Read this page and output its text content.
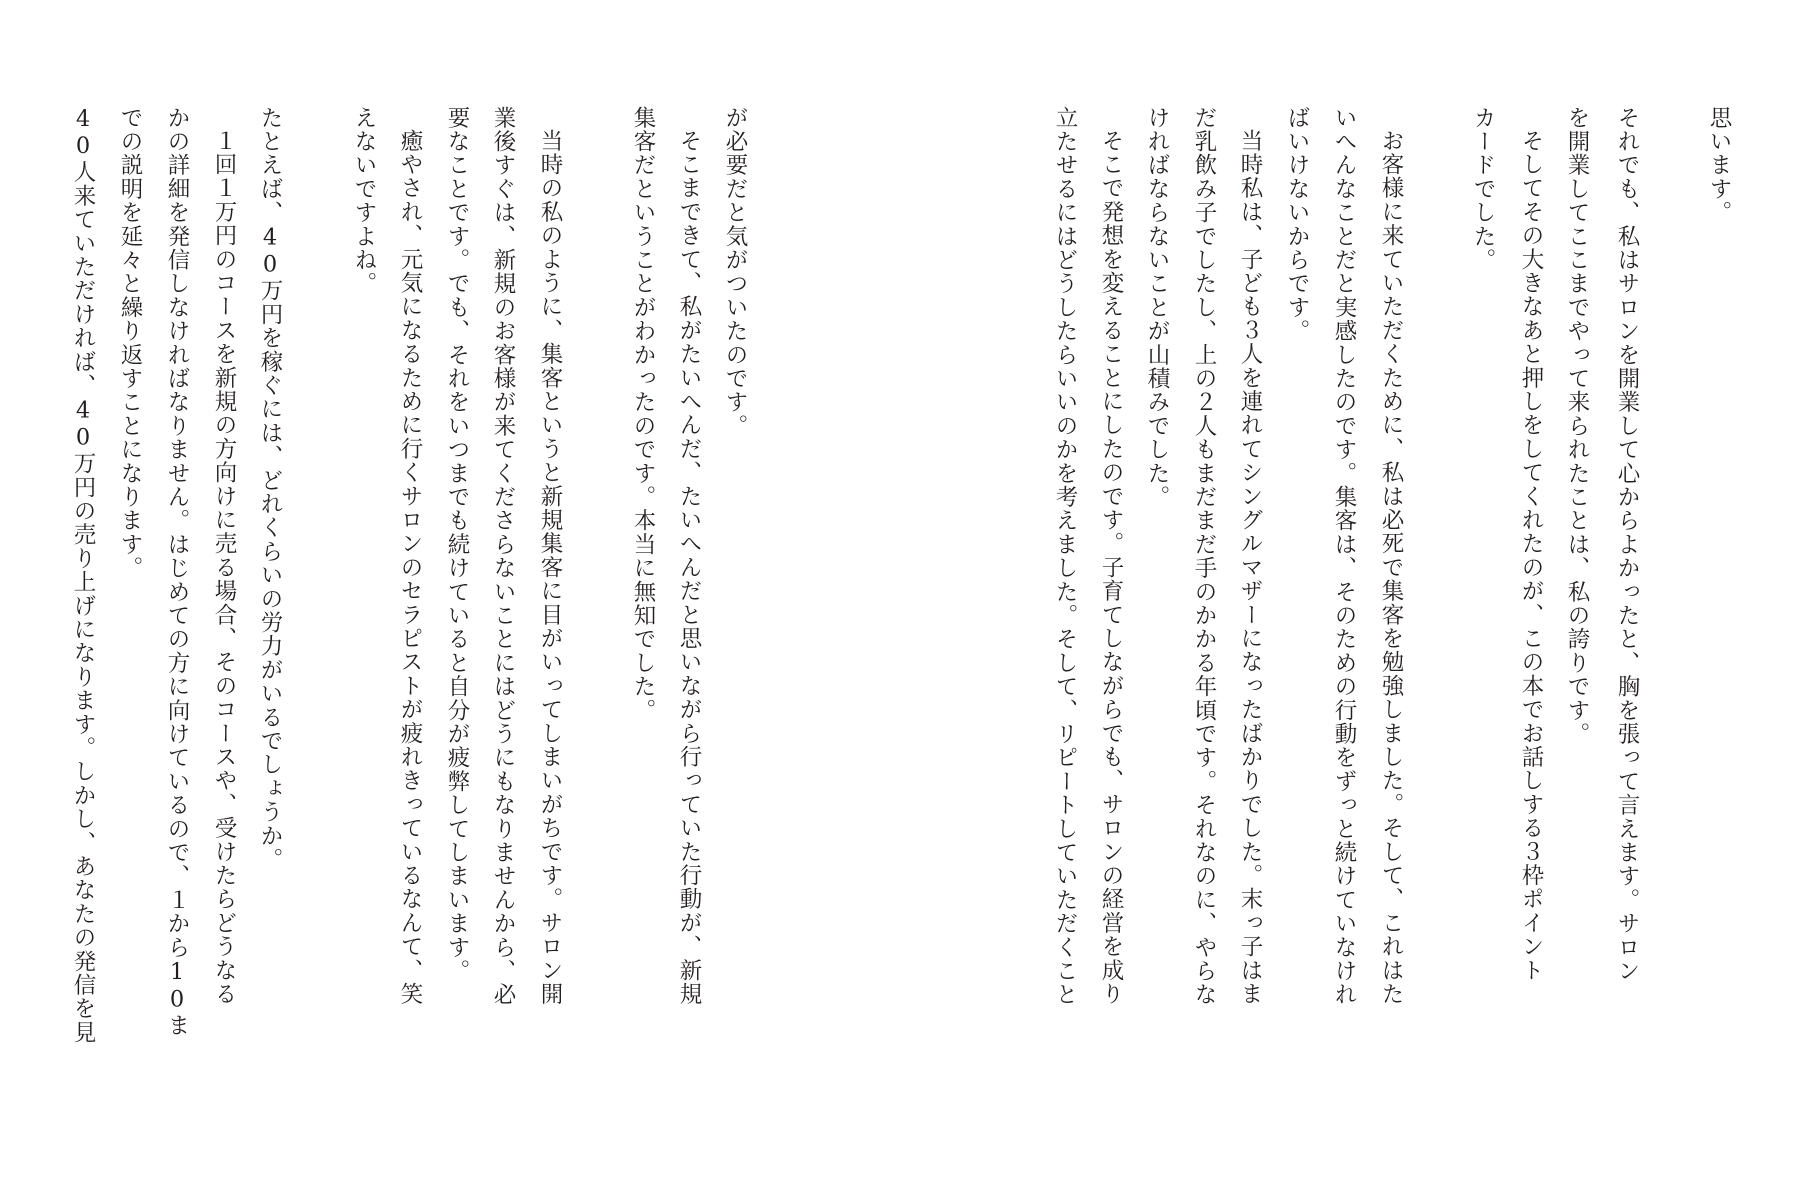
思います。
それでも、私はサロンを開業して心からよかったと、胸を張って言えます。サロン
を開業してここまでやって来られたことは、私の誇りです。
そしてその大きなあと押しをしてくれたのが、この本でお話しする３枠ポイント
カードでした。
お客様に来ていただくために、私は必死で集客を勉強しました。そして、これはた
いへんなことだと実感したのです。集客は、そのための行動をずっと続けていなけれ
ばいけないからです。
当時私は、子ども３人を連れてシングルマザーになったばかりでした。末っ子はま
だ乳飲み子でしたし、上の２人もまだまだ手のかかる年頃です。それなのに、やらな
ければならないことが山積みでした。
そこで発想を変えることにしたのです。子育てしながらでも、サロンの経営を成り
立たせるにはどうしたらいいのかを考えました。そして、リピートしていただくこと
が必要だと気がついたのです。
そこまできて、私がたいへんだ、たいへんだと思いながら行っていた行動が、新規
集客だということがわかったのです。本当に無知でした。
当時の私のように、集客というと新規集客に目がいってしまいがちです。サロン開
業後すぐは、新規のお客様が来てくださらないことにはどうにもなりませんから、必
要なことです。でも、それをいつまでも続けていると自分が疲弊してしまいます。
癒やされ、元気になるために行くサロンのセラピストが疲れきっているなんて、笑
えないですよね。
たとえば、40万円を稼ぐには、どれくらいの労力がいるでしょうか。
１回１万円のコースを新規の方向けに売る場合、そのコースや、受けたらどうなる
かの詳細を発信しなければなりません。はじめての方に向けているので、１から10ま
での説明を延々と繰り返すことになります。
40人来ていただければ、40万円の売り上げになります。しかし、あなたの発信を見
